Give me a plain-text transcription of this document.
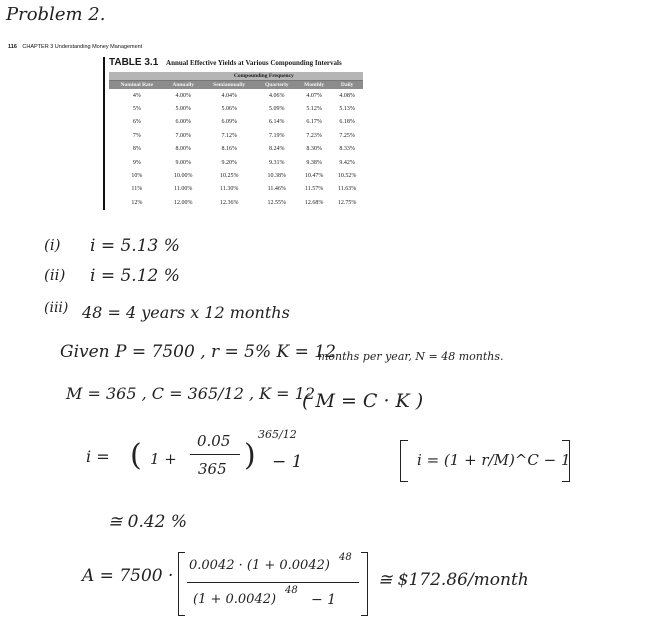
Problem 2.
116 CHAPTER 3 Understanding Money Management
TABLE 3.1 Annual Effective Yields at Various Compounding Intervals
	Compounding Frequency				
Nominal Rate	Annually	Semiannually	Quarterly	Monthly	Daily
4%	4.00%	4.04%	4.06%	4.07%	4.08%
5%	5.00%	5.06%	5.09%	5.12%	5.13%
6%	6.00%	6.09%	6.14%	6.17%	6.18%
7%	7.00%	7.12%	7.19%	7.23%	7.25%
8%	8.00%	8.16%	8.24%	8.30%	8.33%
9%	9.00%	9.20%	9.31%	9.38%	9.42%
10%	10.00%	10.25%	10.38%	10.47%	10.52%
11%	11.00%	11.30%	11.46%	11.57%	11.63%
12%	12.00%	12.36%	12.55%	12.68%	12.75%
(i) i = 5.13 %
(ii) i = 5.12 %
(iii) 48 = 4 years x 12 months
Given P = 7500 , r = 5% K = 12
months per year, N = 48 months.
M = 365 , C = 365/12 , K = 12
( M = C · K )
i = ( 1 +
0.05
365 )
365/12
− 1	i = (1 + r/M)^C − 1
≅ 0.42 %
A = 7500 ·
0.0042 · (1 + 0.0042)
48
(1 + 0.0042)
48
− 1
≅ $172.86/month
